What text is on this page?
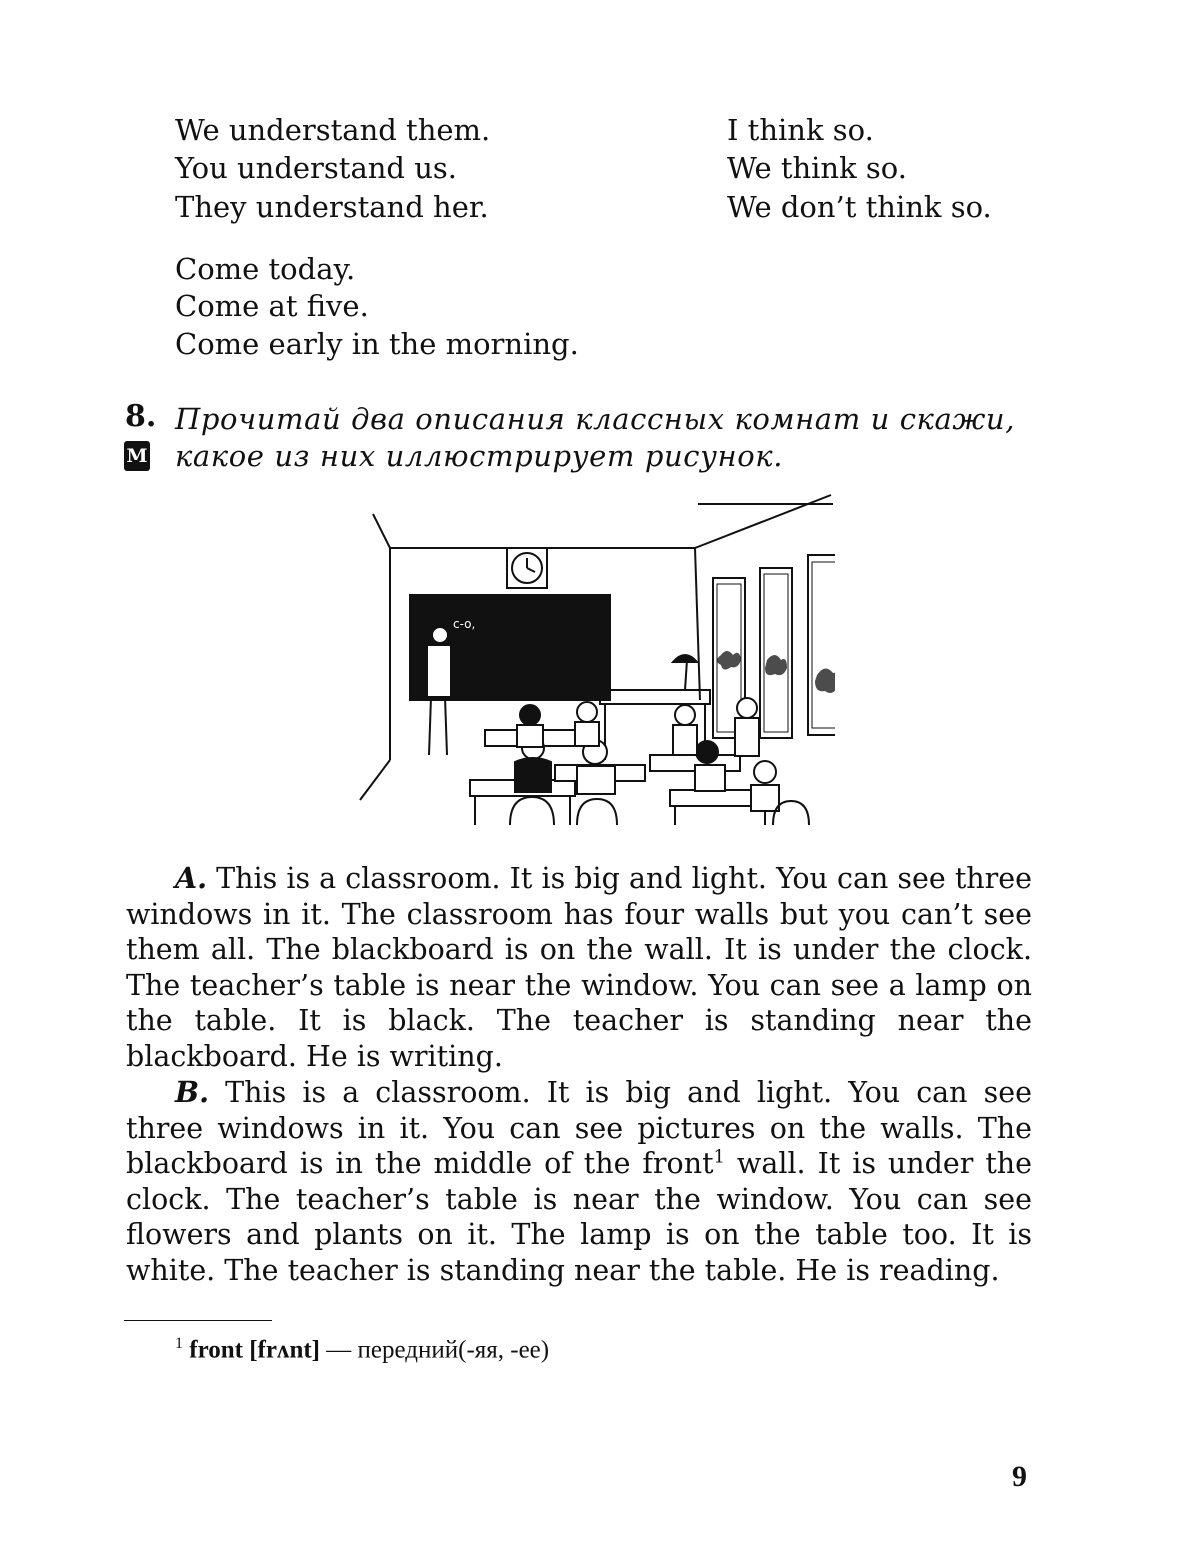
We understand them.
You understand us.
They understand her.
I think so.
We think so.
We don’t think so.
Come today.
Come at five.
Come early in the morning.
8.
М
Прочитай два описания классных комнат и скажи,
какое из них иллюстрирует рисунок.
c-o,
A. This is a classroom. It is big and light. You can see three windows in it. The classroom has four walls but you can’t see them all. The blackboard is on the wall. It is under the clock. The teacher’s table is near the window. You can see a lamp on the table. It is black. The teacher is standing near the blackboard. He is writing.
B. This is a classroom. It is big and light. You can see three windows in it. You can see pictures on the walls. The blackboard is in the middle of the front$^1$ wall. It is under the clock. The teacher’s table is near the window. You can see flowers and plants on it. The lamp is on the table too. It is white. The teacher is standing near the table. He is reading.
$^1$ front [frʌnt] — передний(-яя, -ее)
9
